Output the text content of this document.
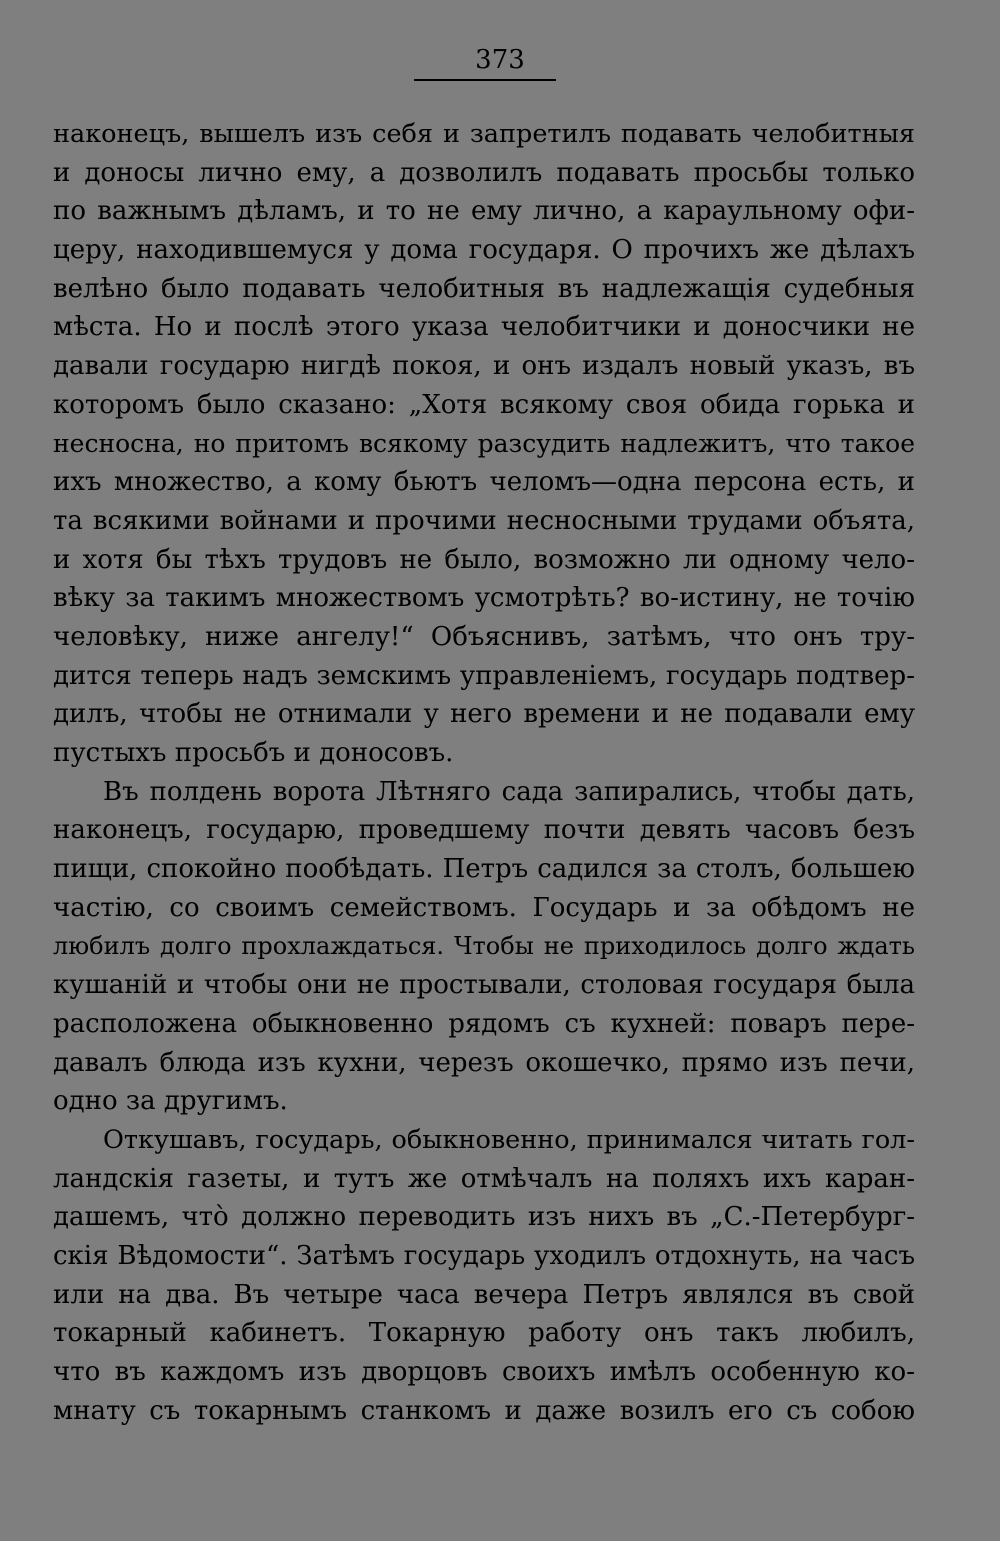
373
наконецъ, вышелъ изъ себя и запретилъ подавать челобитныя
и доносы лично ему, а дозволилъ подавать просьбы только
по важнымъ дѣламъ, и то не ему лично, а караульному офи-
церу, находившемуся у дома государя. О прочихъ же дѣлахъ
велѣно было подавать челобитныя въ надлежащія судебныя
мѣста. Но и послѣ этого указа челобитчики и доносчики не
давали государю нигдѣ покоя, и онъ издалъ новый указъ, въ
которомъ было сказано: „Хотя всякому своя обида горька и
несносна, но притомъ всякому разсудить надлежитъ, что такое
ихъ множество, а кому бьютъ челомъ—одна персона есть, и
та всякими войнами и прочими несносными трудами объята,
и хотя бы тѣхъ трудовъ не было, возможно ли одному чело-
вѣку за такимъ множествомъ усмотрѣть? во-истину, не точію
человѣку, ниже ангелу!“ Объяснивъ, затѣмъ, что онъ тру-
дится теперь надъ земскимъ управленіемъ, государь подтвер-
дилъ, чтобы не отнимали у него времени и не подавали ему
пустыхъ просьбъ и доносовъ.
Въ полдень ворота Лѣтняго сада запирались, чтобы дать,
наконецъ, государю, проведшему почти девять часовъ безъ
пищи, спокойно пообѣдать. Петръ садился за столъ, большею
частію, со своимъ семействомъ. Государь и за обѣдомъ не
любилъ долго прохлаждаться. Чтобы не приходилось долго ждать
кушаній и чтобы они не простывали, столовая государя была
расположена обыкновенно рядомъ съ кухней: поваръ пере-
давалъ блюда изъ кухни, черезъ окошечко, прямо изъ печи,
одно за другимъ.
Откушавъ, государь, обыкновенно, принимался читать гол-
ландскія газеты, и тутъ же отмѣчалъ на поляхъ ихъ каран-
дашемъ, что̀ должно переводить изъ нихъ въ „С.-Петербург-
скія Вѣдомости“. Затѣмъ государь уходилъ отдохнуть, на часъ
или на два. Въ четыре часа вечера Петръ являлся въ свой
токарный кабинетъ. Токарную работу онъ такъ любилъ,
что въ каждомъ изъ дворцовъ своихъ имѣлъ особенную ко-
мнату съ токарнымъ станкомъ и даже возилъ его съ собою
